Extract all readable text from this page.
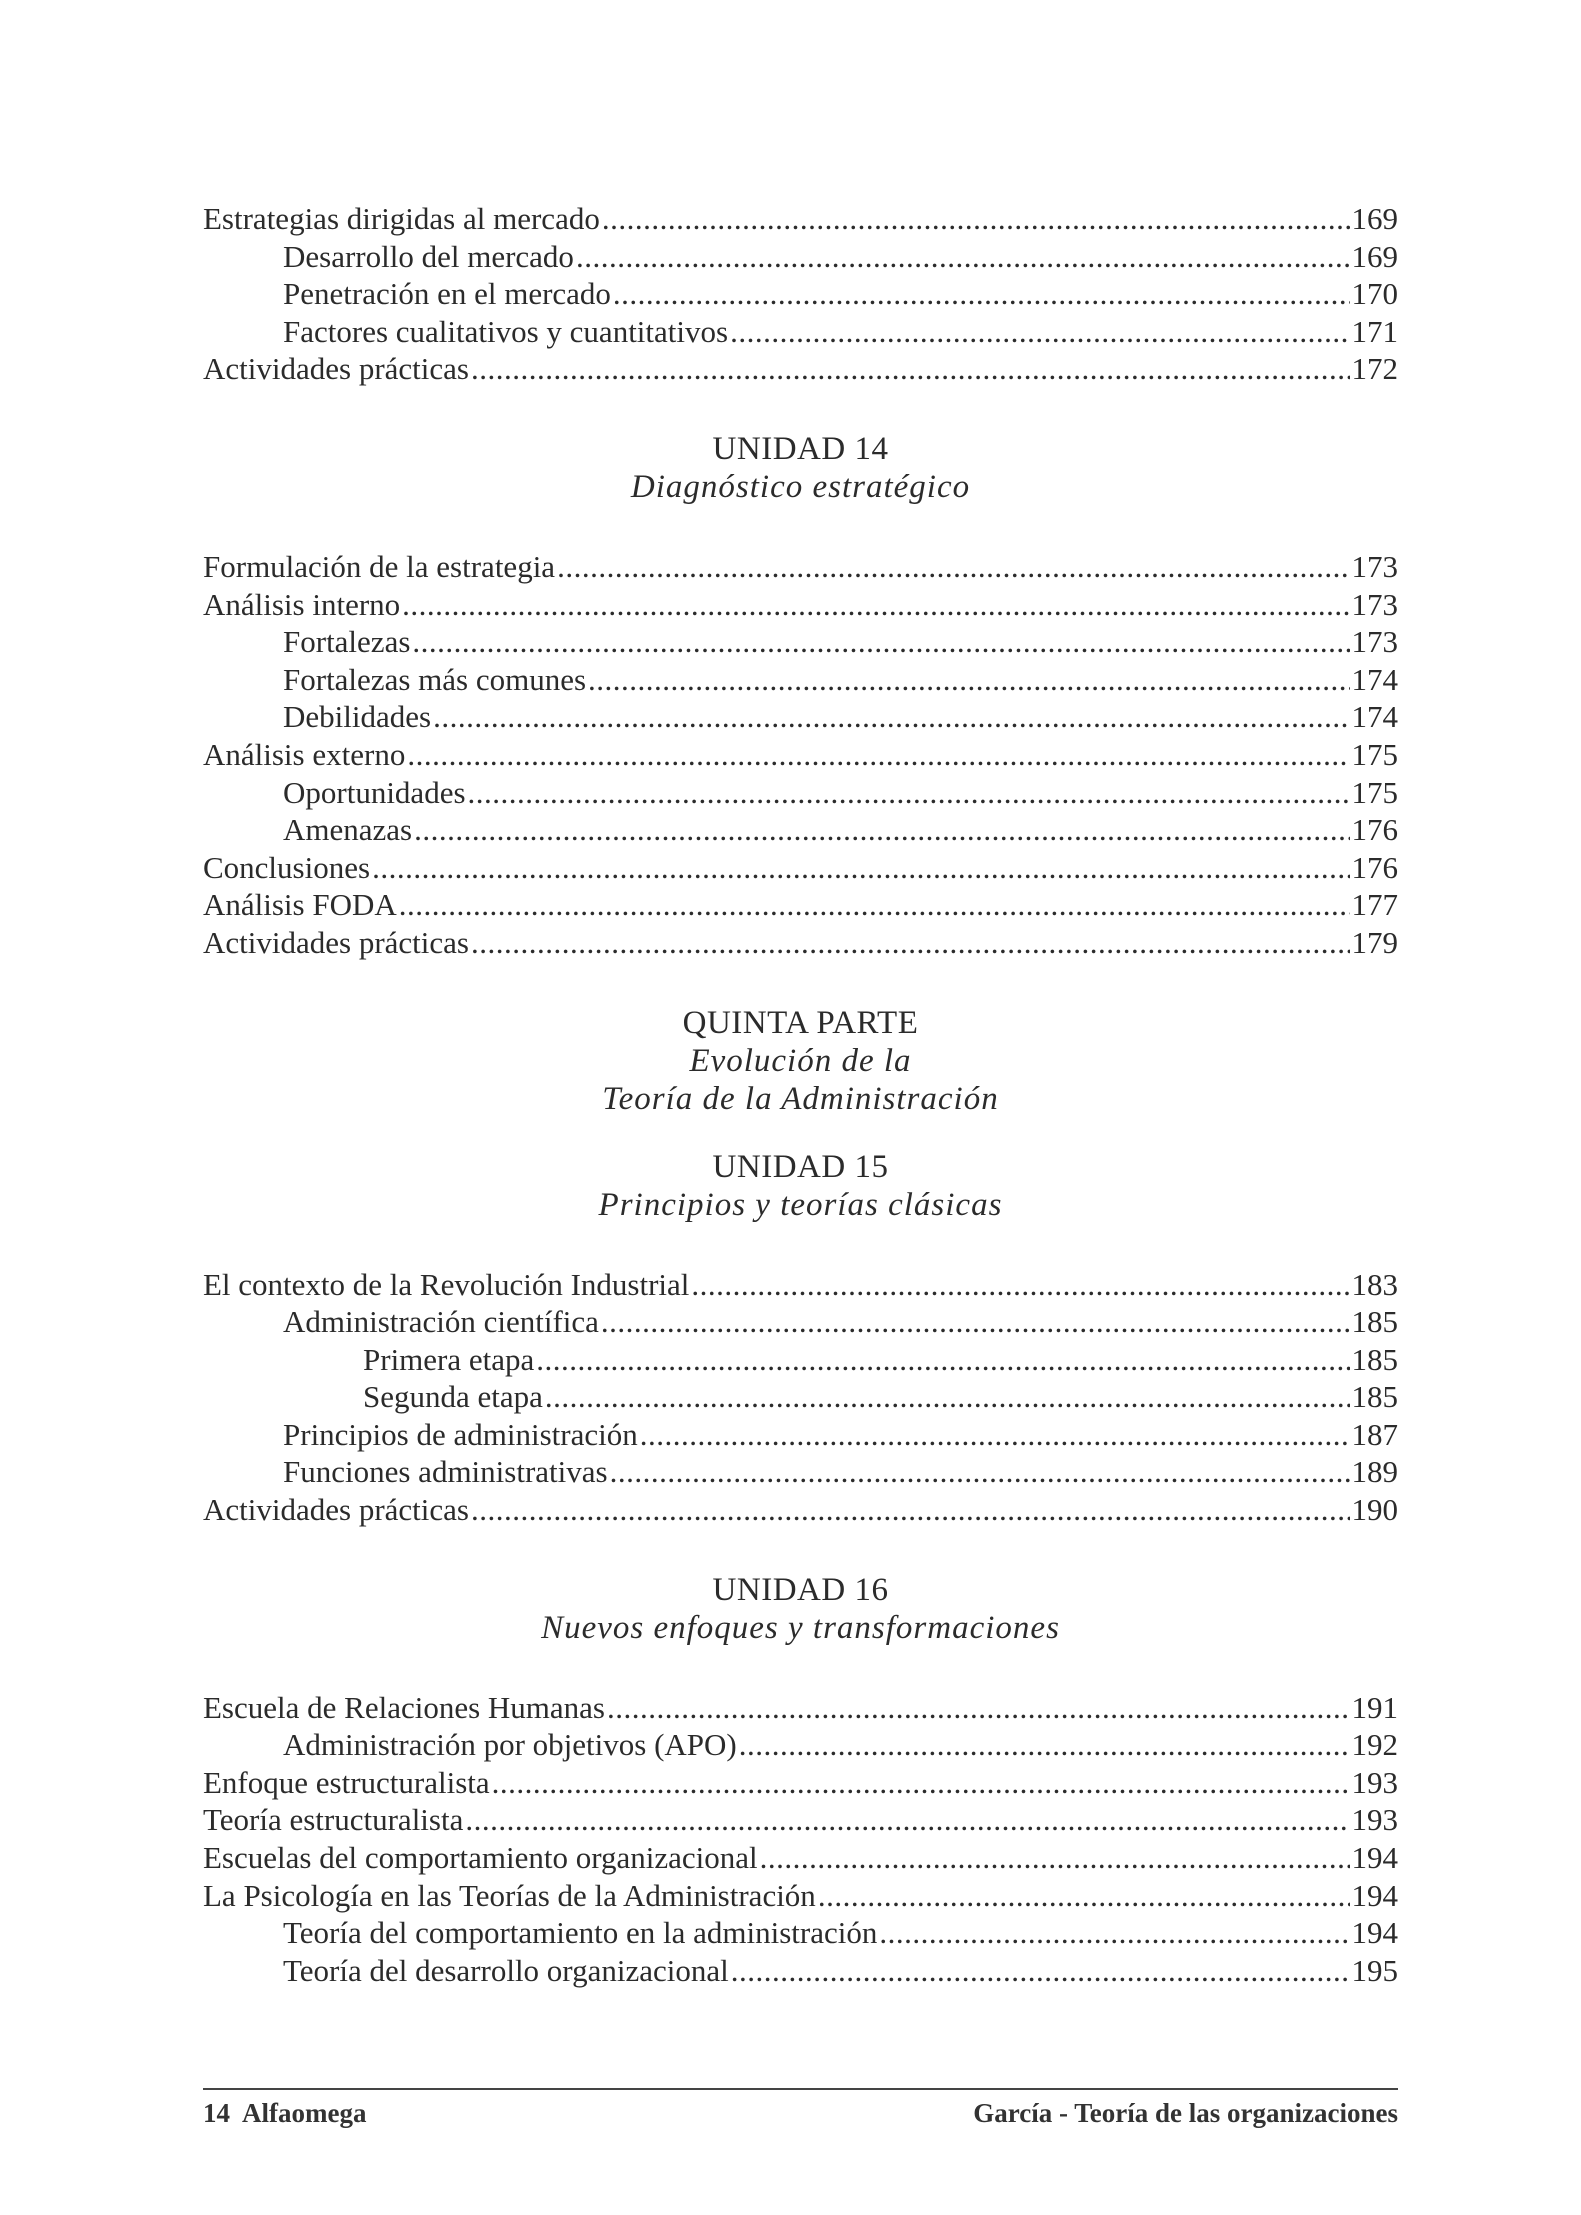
Estrategias dirigidas al mercado .....	169
Desarrollo del mercado .....	169
Penetración en el mercado .....	170
Factores cualitativos y cuantitativos .....	171
Actividades prácticas .....	172
UNIDAD 14
Diagnóstico estratégico
Formulación de la estrategia .....	173
Análisis interno .....	173
Fortalezas .....	173
Fortalezas más comunes .....	174
Debilidades .....	174
Análisis externo .....	175
Oportunidades .....	175
Amenazas .....	176
Conclusiones .....	176
Análisis FODA .....	177
Actividades prácticas .....	179
QUINTA PARTE
Evolución de la
Teoría de la Administración
UNIDAD 15
Principios y teorías clásicas
El contexto de la Revolución Industrial .....	183
Administración científica .....	185
Primera etapa .....	185
Segunda etapa .....	185
Principios de administración .....	187
Funciones administrativas .....	189
Actividades prácticas .....	190
UNIDAD 16
Nuevos enfoques y transformaciones
Escuela de Relaciones Humanas .....	191
Administración por objetivos (APO) .....	192
Enfoque estructuralista .....	193
Teoría estructuralista .....	193
Escuelas del comportamiento organizacional .....	194
La Psicología en las Teorías de la Administración .....	194
Teoría del comportamiento en la administración .....	194
Teoría del desarrollo organizacional .....	195
14  Alfaomega	García - Teoría de las organizaciones
